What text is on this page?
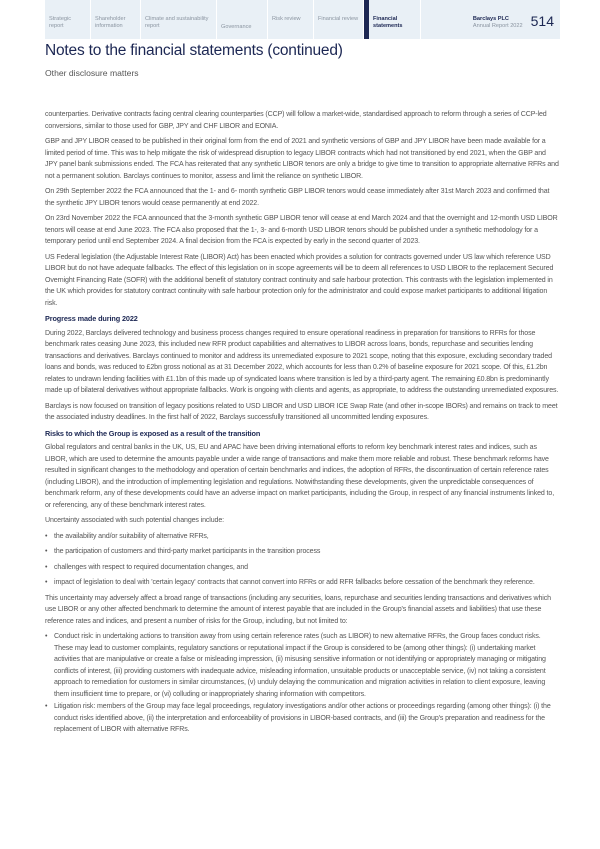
Strategic report
Shareholder information
Climate and sustainability report	Governance
Risk review	Financial review	Financial statements
Barclays PLC
Annual Report 2022 514
Notes to the financial statements (continued)
Other disclosure matters

counterparties. Derivative contracts facing central clearing counterparties (CCP) will follow a market-wide, standardised approach to reform through a series of CCP-led conversions, similar to those used for GBP, JPY and CHF LIBOR and EONIA.

GBP and JPY LIBOR ceased to be published in their original form from the end of 2021 and synthetic versions of GBP and JPY LIBOR have been made available for a limited period of time. This was to help mitigate the risk of widespread disruption to legacy LIBOR contracts which had not transitioned by end 2021, when the GBP and JPY panel bank submissions ended. The FCA has reiterated that any synthetic LIBOR tenors are only a bridge to give time to transition to appropriate alternative RFRs and not a permanent solution. Barclays continues to monitor, assess and limit the reliance on synthetic LIBOR.

On 29th September 2022 the FCA announced that the 1- and 6- month synthetic GBP LIBOR tenors would cease immediately after 31st March 2023 and confirmed that the synthetic JPY LIBOR tenors would cease permanently at end 2022.

On 23rd November 2022 the FCA announced that the 3-month synthetic GBP LIBOR tenor will cease at end March 2024 and that the overnight and 12-month USD LIBOR tenors will cease at end June 2023. The FCA also proposed that the 1-, 3- and 6-month USD LIBOR tenors should be published under a synthetic methodology for a temporary period until end September 2024. A final decision from the FCA is expected by early in the second quarter of 2023.

US Federal legislation (the Adjustable Interest Rate (LIBOR) Act) has been enacted which provides a solution for contracts governed under US law which reference USD LIBOR but do not have adequate fallbacks. The effect of this legislation on in scope agreements will be to deem all references to USD LIBOR to the replacement Secured Overnight Financing Rate (SOFR) with the additional benefit of statutory contract continuity and safe harbour protection. This contrasts with the legislation implemented in the UK which provides for statutory contract continuity with safe harbour protection only for the administrator and could expose market participants to additional litigation risk.

Progress made during 2022

During 2022, Barclays delivered technology and business process changes required to ensure operational readiness in preparation for transitions to RFRs for those benchmark rates ceasing June 2023, this included new RFR product capabilities and alternatives to LIBOR across loans, bonds, repurchase and securities lending transactions and derivatives. Barclays continued to monitor and address its unremediated exposure to 2021 scope, noting that this exposure, excluding secondary traded loans and bonds, was reduced to £2bn gross notional as at 31 December 2022, which accounts for less than 0.2% of baseline exposure for 2021 scope. Of this, £1.2bn relates to undrawn lending facilities with £1.1bn of this made up of syndicated loans where transition is led by a third-party agent. The remaining £0.8bn is predominantly made up of bilateral derivatives without appropriate fallbacks. Work is ongoing with clients and agents, as appropriate, to address the outstanding unremediated exposures.

Barclays is now focused on transition of legacy positions related to USD LIBOR and USD LIBOR ICE Swap Rate (and other in-scope IBORs) and remains on track to meet the associated industry deadlines. In the first half of 2022, Barclays successfully transitioned all uncommitted lending exposures.

Risks to which the Group is exposed as a result of the transition

Global regulators and central banks in the UK, US, EU and APAC have been driving international efforts to reform key benchmark interest rates and indices, such as LIBOR, which are used to determine the amounts payable under a wide range of transactions and make them more reliable and robust. These benchmark reforms have resulted in significant changes to the methodology and operation of certain benchmarks and indices, the adoption of RFRs, the discontinuation of certain reference rates (including LIBOR), and the introduction of implementing legislation and regulations. Notwithstanding these developments, given the unpredictable consequences of benchmark reform, any of these developments could have an adverse impact on market participants, including the Group, in respect of any financial instruments linked to, or referencing, any of these benchmark interest rates.

Uncertainty associated with such potential changes include:

• the availability and/or suitability of alternative RFRs,
• the participation of customers and third-party market participants in the transition process
• challenges with respect to required documentation changes, and
• impact of legislation to deal with 'certain legacy' contracts that cannot convert into RFRs or add RFR fallbacks before cessation of the benchmark they reference.

This uncertainty may adversely affect a broad range of transactions (including any securities, loans, repurchase and securities lending transactions and derivatives which use LIBOR or any other affected benchmark to determine the amount of interest payable that are included in the Group's financial assets and liabilities) that use these reference rates and indices, and present a number of risks for the Group, including, but not limited to:

• Conduct risk: in undertaking actions to transition away from using certain reference rates (such as LIBOR) to new alternative RFRs, the Group faces conduct risks. These may lead to customer complaints, regulatory sanctions or reputational impact if the Group is considered to be (among other things): (i) undertaking market activities that are manipulative or create a false or misleading impression, (ii) misusing sensitive information or not identifying or appropriately managing or mitigating conflicts of interest, (iii) providing customers with inadequate advice, misleading information, unsuitable products or unacceptable service, (iv) not taking a consistent approach to remediation for customers in similar circumstances, (v) unduly delaying the communication and migration activities in relation to client exposure, leaving them insufficient time to prepare, or (vi) colluding or inappropriately sharing information with competitors.
• Litigation risk: members of the Group may face legal proceedings, regulatory investigations and/or other actions or proceedings regarding (among other things): (i) the conduct risks identified above, (ii) the interpretation and enforceability of provisions in LIBOR-based contracts, and (iii) the Group's preparation and readiness for the replacement of LIBOR with alternative RFRs.
